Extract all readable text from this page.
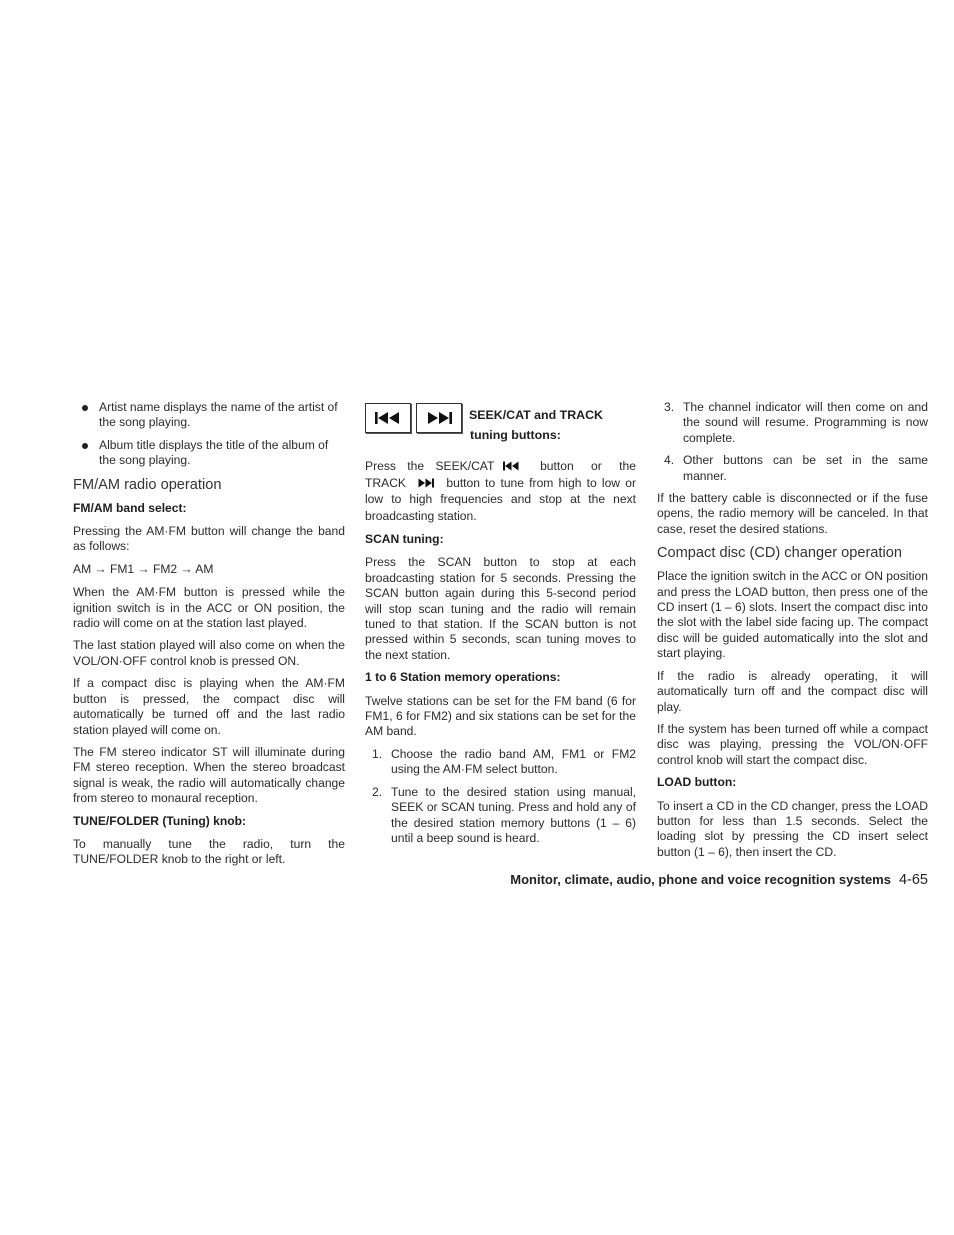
Artist name displays the name of the artist of the song playing.
Album title displays the title of the album of the song playing.
FM/AM radio operation
FM/AM band select:

Pressing the AM·FM button will change the band as follows:

AM → FM1 → FM2 → AM

When the AM·FM button is pressed while the ignition switch is in the ACC or ON position, the radio will come on at the station last played.

The last station played will also come on when the VOL/ON·OFF control knob is pressed ON.

If a compact disc is playing when the AM·FM button is pressed, the compact disc will automatically be turned off and the last radio station played will come on.

The FM stereo indicator ST will illuminate during FM stereo reception. When the stereo broadcast signal is weak, the radio will automatically change from stereo to monaural reception.

TUNE/FOLDER (Tuning) knob:

To manually tune the radio, turn the TUNE/FOLDER knob to the right or left.

SEEK/CAT and TRACK
tuning buttons:
Press the SEEK/CAT	button or the
TRACK	button to tune from high to low or low to high frequencies and stop at the next broadcasting station.
SCAN tuning:

Press the SCAN button to stop at each broadcasting station for 5 seconds. Pressing the SCAN button again during this 5-second period will stop scan tuning and the radio will remain tuned to that station. If the SCAN button is not pressed within 5 seconds, scan tuning moves to the next station.

1 to 6 Station memory operations:

Twelve stations can be set for the FM band (6 for FM1, 6 for FM2) and six stations can be set for the AM band.

1. Choose the radio band AM, FM1 or FM2 using the AM·FM select button.
2. Tune to the desired station using manual, SEEK or SCAN tuning. Press and hold any of the desired station memory buttons (1 – 6) until a beep sound is heard.
3. The channel indicator will then come on and the sound will resume. Programming is now complete.
4. Other buttons can be set in the same manner.

If the battery cable is disconnected or if the fuse opens, the radio memory will be canceled. In that case, reset the desired stations.

Compact disc (CD) changer operation

Place the ignition switch in the ACC or ON position and press the LOAD button, then press one of the CD insert (1 – 6) slots. Insert the compact disc into the slot with the label side facing up. The compact disc will be guided automatically into the slot and start playing.

If the radio is already operating, it will automatically turn off and the compact disc will play.

If the system has been turned off while a compact disc was playing, pressing the VOL/ON·OFF control knob will start the compact disc.

LOAD button:

To insert a CD in the CD changer, press the LOAD button for less than 1.5 seconds. Select the loading slot by pressing the CD insert select button (1 – 6), then insert the CD.

Monitor, climate, audio, phone and voice recognition systems 4-65
